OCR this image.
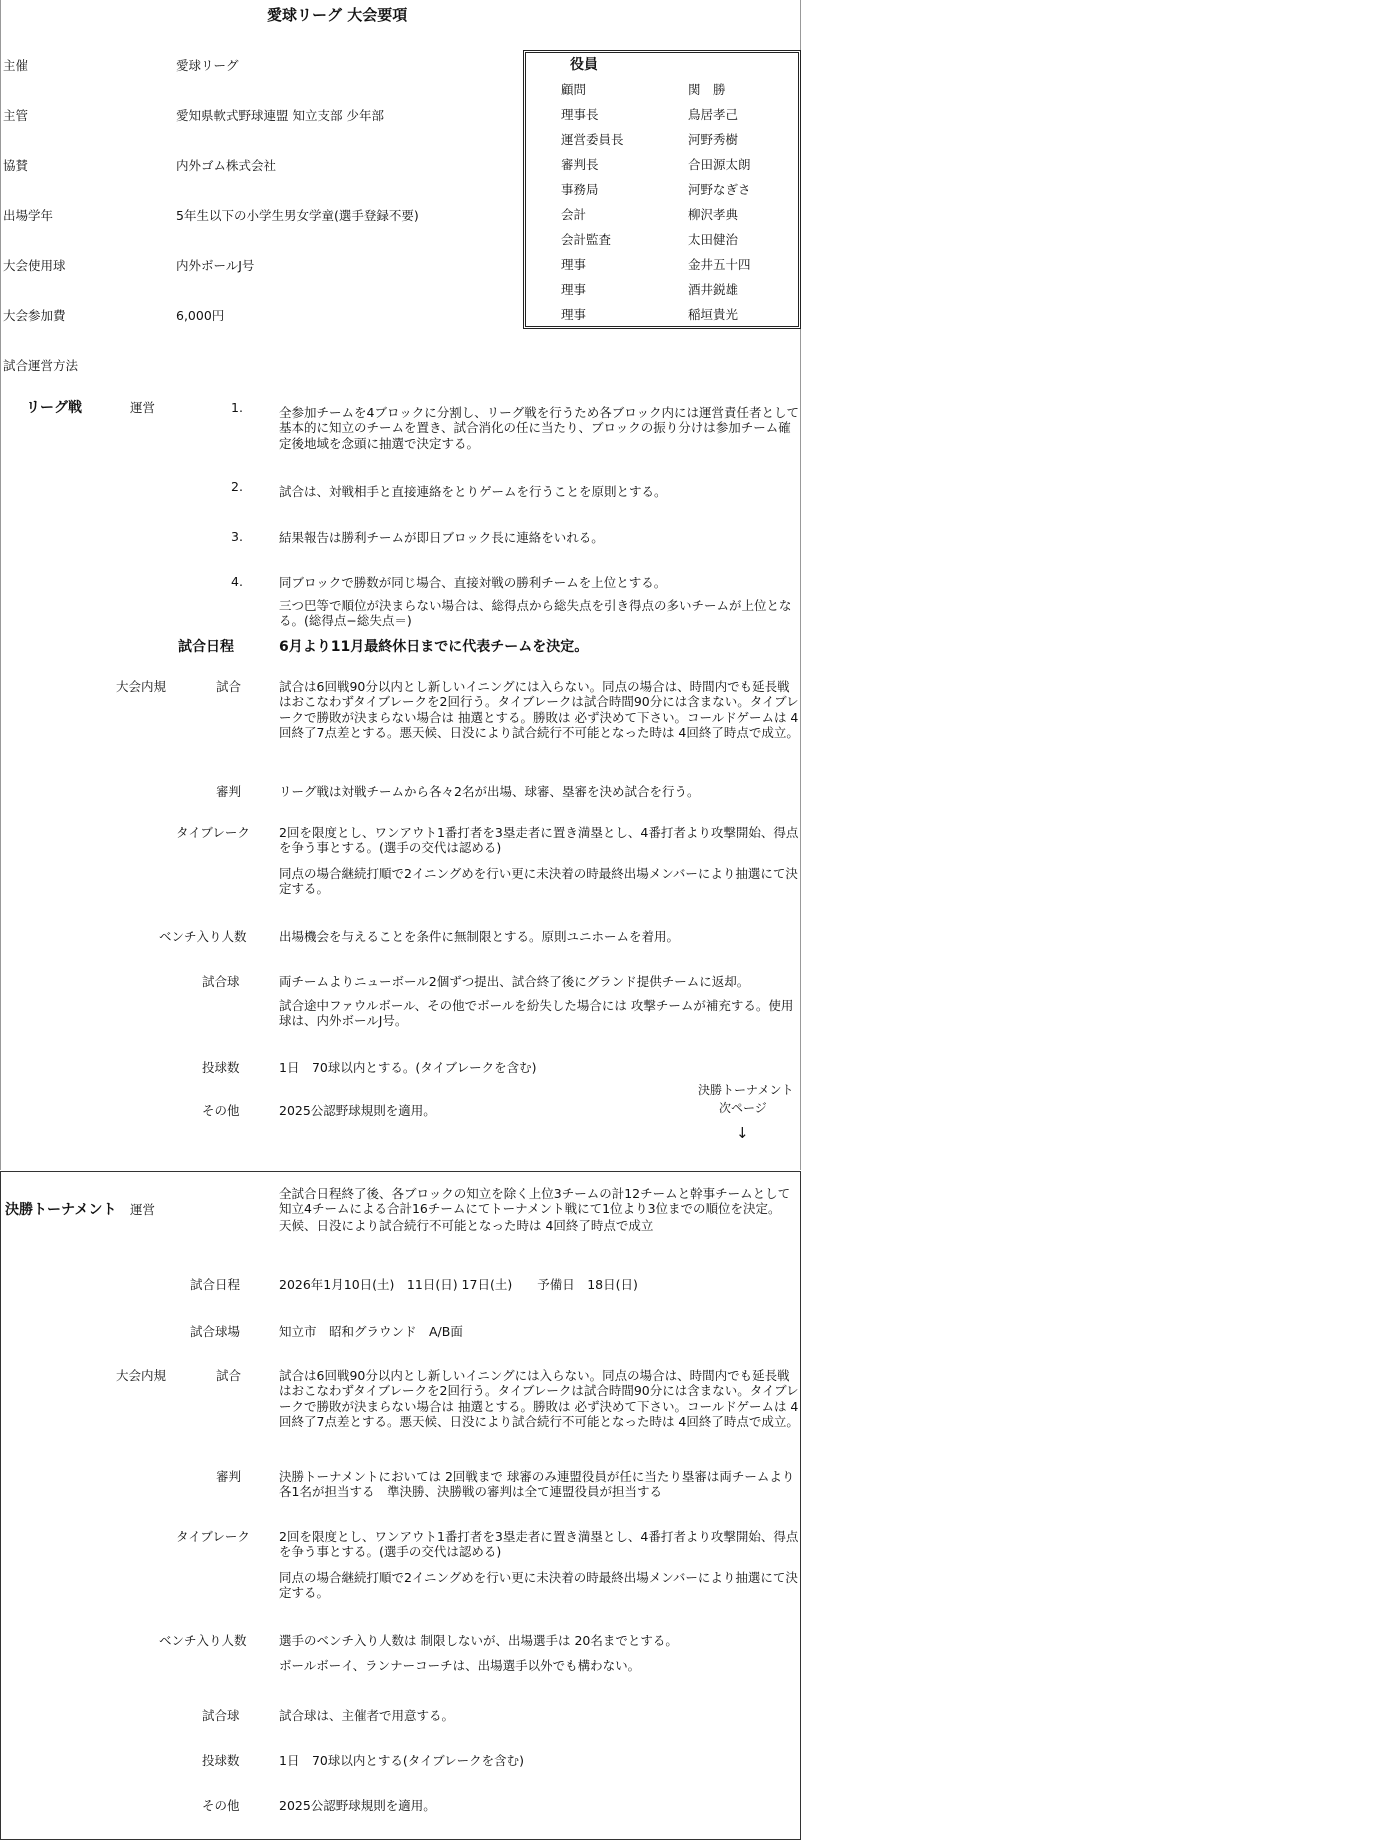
愛球リーグ 大会要項
主催	愛球リーグ
主管	愛知県軟式野球連盟 知立支部 少年部
協賛	内外ゴム株式会社
出場学年	5年生以下の小学生男女学童(選手登録不要)
大会使用球	内外ボールJ号
大会参加費	6,000円
役員
顧問	関　勝
理事長	鳥居孝己
運営委員長	河野秀樹
審判長	合田源太朗
事務局	河野なぎさ
会計	柳沢孝典
会計監査	太田健治
理事	金井五十四
理事	酒井鋭雄
理事	稲垣貴光
試合運営方法
リーグ戦	運営	1.	全参加チームを4ブロックに分割し、リーグ戦を行うため各ブロック内には運営責任者として基本的に知立のチームを置き、試合消化の任に当たり、ブロックの振り分けは参加チーム確定後地域を念頭に抽選で決定する。
2.	試合は、対戦相手と直接連絡をとりゲームを行うことを原則とする。
3.	結果報告は勝利チームが即日ブロック長に連絡をいれる。
4.	同ブロックで勝数が同じ場合、直接対戦の勝利チームを上位とする。
三つ巴等で順位が決まらない場合は、総得点から総失点を引き得点の多いチームが上位となる。(総得点−総失点＝)
試合日程	6月より11月最終休日までに代表チームを決定。
大会内規	試合	試合は6回戦90分以内とし新しいイニングには入らない。同点の場合は、時間内でも延長戦はおこなわずタイブレークを2回行う。タイブレークは試合時間90分には含まない。タイブレークで勝敗が決まらない場合は 抽選とする。勝敗は 必ず決めて下さい。コールドゲームは 4回終了7点差とする。悪天候、日没により試合続行不可能となった時は 4回終了時点で成立。
審判	リーグ戦は対戦チームから各々2名が出場、球審、塁審を決め試合を行う。
タイブレーク 2回を限度とし、ワンアウト1番打者を3塁走者に置き満塁とし、4番打者より攻撃開始、得点を争う事とする。(選手の交代は認める)
同点の場合継続打順で2イニングめを行い更に未決着の時最終出場メンバーにより抽選にて決定する。
ベンチ入り人数	出場機会を与えることを条件に無制限とする。原則ユニホームを着用。
試合球	両チームよりニューボール2個ずつ提出、試合終了後にグランド提供チームに返却。
試合途中ファウルボール、その他でボールを紛失した場合には 攻撃チームが補充する。使用球は、内外ボールJ号。
投球数	1日　70球以内とする。(タイブレークを含む)
その他	2025公認野球規則を適用。
決勝トーナメント
次ページ
↓
決勝トーナメント 運営
全試合日程終了後、各ブロックの知立を除く上位3チームの計12チームと幹事チームとして知立4チームによる合計16チームにてトーナメント戦にて1位より3位までの順位を決定。
天候、日没により試合続行不可能となった時は 4回終了時点で成立
試合日程	2026年1月10日(土)　11日(日) 17日(土)　　予備日　18日(日)
試合球場	知立市　昭和グラウンド　A/B面
大会内規	試合	試合は6回戦90分以内とし新しいイニングには入らない。同点の場合は、時間内でも延長戦はおこなわずタイブレークを2回行う。タイブレークは試合時間90分には含まない。タイブレークで勝敗が決まらない場合は 抽選とする。勝敗は 必ず決めて下さい。コールドゲームは 4回終了7点差とする。悪天候、日没により試合続行不可能となった時は 4回終了時点で成立。
審判	決勝トーナメントにおいては 2回戦まで 球審のみ連盟役員が任に当たり塁審は両チームより各1名が担当する　準決勝、決勝戦の審判は全て連盟役員が担当する
タイブレーク 2回を限度とし、ワンアウト1番打者を3塁走者に置き満塁とし、4番打者より攻撃開始、得点を争う事とする。(選手の交代は認める)
同点の場合継続打順で2イニングめを行い更に未決着の時最終出場メンバーにより抽選にて決定する。
ベンチ入り人数	選手のベンチ入り人数は 制限しないが、出場選手は 20名までとする。
ボールボーイ、ランナーコーチは、出場選手以外でも構わない。
試合球	試合球は、主催者で用意する。
投球数	1日　70球以内とする(タイブレークを含む)
その他	2025公認野球規則を適用。
